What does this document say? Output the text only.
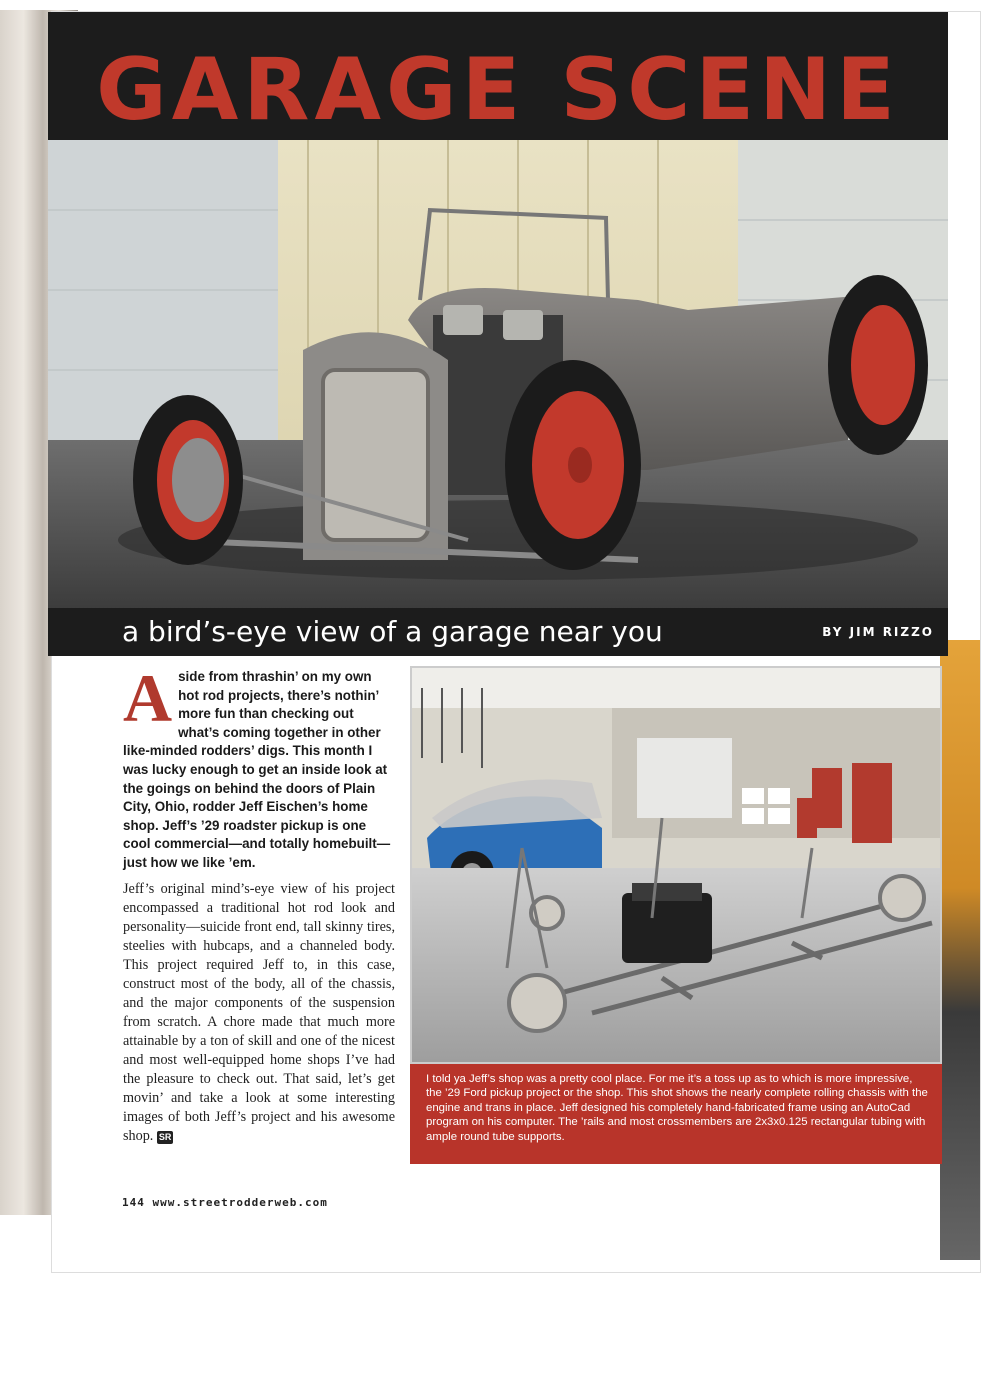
GARAGE SCENE
a bird’s-eye view of a garage near you	BY JIM RIZZO

Aside from thrashin’ on my own hot rod projects, there’s nothin’ more fun than checking out what’s coming together in other like-minded rodders’ digs. This month I was lucky enough to get an inside look at the goings on behind the doors of Plain City, Ohio, rodder Jeff Eischen’s home shop. Jeff’s ’29 roadster pickup is one cool commercial—and totally homebuilt—just how we like ’em.

Jeff’s original mind’s-eye view of his project encompassed a traditional hot rod look and personality—suicide front end, tall skinny tires, steelies with hubcaps, and a channeled body. This project required Jeff to, in this case, construct most of the body, all of the chassis, and the major components of the suspension from scratch. A chore made that much more attainable by a ton of skill and one of the nicest and most well-equipped home shops I’ve had the pleasure to check out. That said, let’s get movin’ and take a look at some interesting images of both Jeff’s project and his awesome shop. SR

I told ya Jeff’s shop was a pretty cool place. For me it’s a toss up as to which is more impressive, the ’29 Ford pickup project or the shop. This shot shows the nearly complete rolling chassis with the engine and trans in place. Jeff designed his completely hand-fabricated frame using an AutoCad program on his computer. The ’rails and most crossmembers are 2x3x0.125 rectangular tubing with ample round tube supports.

144 www.streetrodderweb.com
